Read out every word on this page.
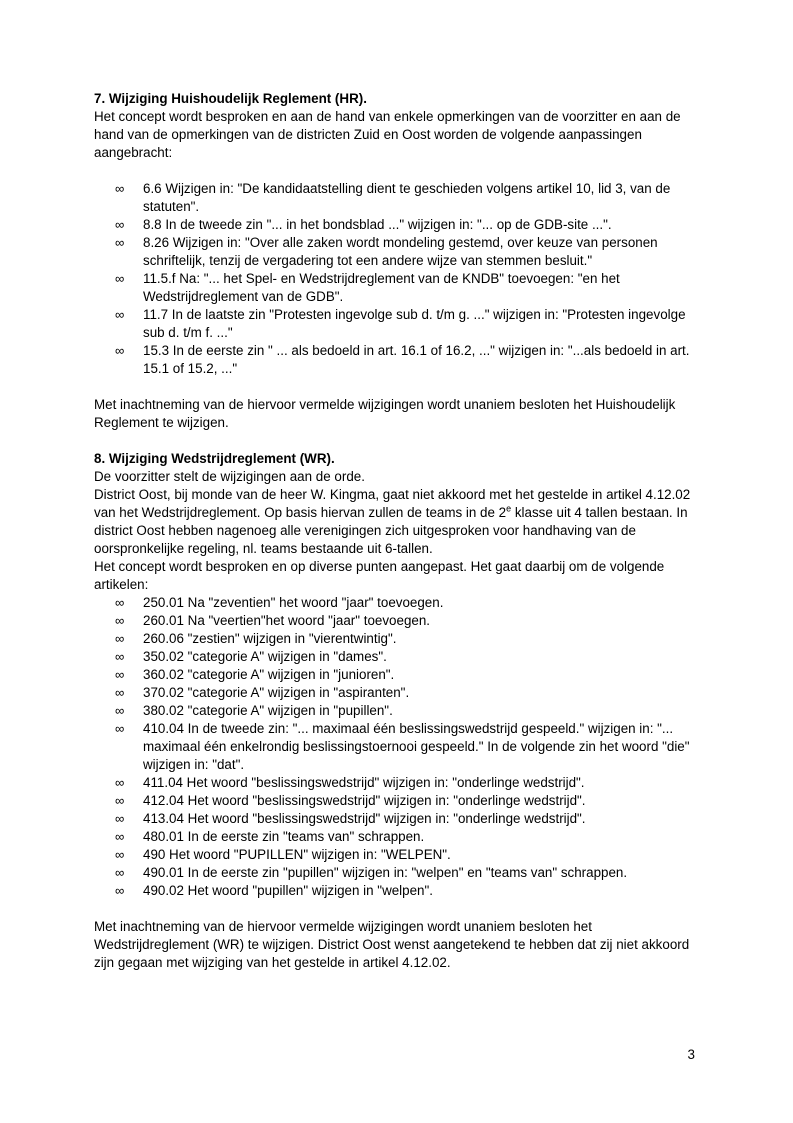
7. Wijziging Huishoudelijk Reglement (HR).

Het concept wordt besproken en aan de hand van enkele opmerkingen van de voorzitter en aan de hand van de opmerkingen van de districten Zuid en Oost worden de volgende aanpassingen aangebracht:

∞	6.6 Wijzigen in: "De kandidaatstelling dient te geschieden volgens artikel 10, lid 3, van de statuten".
∞	8.8 In de tweede zin "... in het bondsblad ..." wijzigen in: "... op de GDB-site ...".
∞	8.26 Wijzigen in: "Over alle zaken wordt mondeling gestemd, over keuze van personen schriftelijk, tenzij de vergadering tot een andere wijze van stemmen besluit."
∞	11.5.f Na: "... het Spel- en Wedstrijdreglement van de KNDB" toevoegen: "en het Wedstrijdreglement van de GDB".
∞	11.7 In de laatste zin "Protesten ingevolge sub d. t/m g. ..." wijzigen in: "Protesten ingevolge sub d. t/m f. ..."
∞	15.3 In de eerste zin " ... als bedoeld in art. 16.1 of 16.2, ..." wijzigen in: "...als bedoeld in art. 15.1 of 15.2, ..."

Met inachtneming van de hiervoor vermelde wijzigingen wordt unaniem besloten het Huishoudelijk Reglement te wijzigen.

8. Wijziging Wedstrijdreglement (WR).

De voorzitter stelt de wijzigingen aan de orde.

District Oost, bij monde van de heer W. Kingma, gaat niet akkoord met het gestelde in artikel 4.12.02 van het Wedstrijdreglement. Op basis hiervan zullen de teams in de 2e klasse uit 4 tallen bestaan. In district Oost hebben nagenoeg alle verenigingen zich uitgesproken voor handhaving van de oorspronkelijke regeling, nl. teams bestaande uit 6-tallen.

Het concept wordt besproken en op diverse punten aangepast. Het gaat daarbij om de volgende artikelen:

∞	250.01 Na "zeventien" het woord "jaar" toevoegen.
∞	260.01 Na "veertien"het woord "jaar" toevoegen.
∞	260.06 "zestien" wijzigen in "vierentwintig".
∞	350.02 "categorie A" wijzigen in "dames".
∞	360.02 "categorie A" wijzigen in "junioren".
∞	370.02 "categorie A" wijzigen in "aspiranten".
∞	380.02 "categorie A" wijzigen in "pupillen".
∞	410.04 In de tweede zin: "... maximaal één beslissingswedstrijd gespeeld." wijzigen in: "... maximaal één enkelrondig beslissingstoernooi gespeeld." In de volgende zin het woord "die" wijzigen in: "dat".
∞	411.04 Het woord "beslissingswedstrijd" wijzigen in: "onderlinge wedstrijd".
∞	412.04 Het woord "beslissingswedstrijd" wijzigen in: "onderlinge wedstrijd".
∞	413.04 Het woord "beslissingswedstrijd" wijzigen in: "onderlinge wedstrijd".
∞	480.01 In de eerste zin "teams van" schrappen.
∞	490 Het woord "PUPILLEN" wijzigen in: "WELPEN".
∞	490.01 In de eerste zin "pupillen" wijzigen in: "welpen" en "teams van" schrappen.
∞	490.02 Het woord "pupillen" wijzigen in "welpen".

Met inachtneming van de hiervoor vermelde wijzigingen wordt unaniem besloten het Wedstrijdreglement (WR) te wijzigen. District Oost wenst aangetekend te hebben dat zij niet akkoord zijn gegaan met wijziging van het gestelde in artikel 4.12.02.

3
